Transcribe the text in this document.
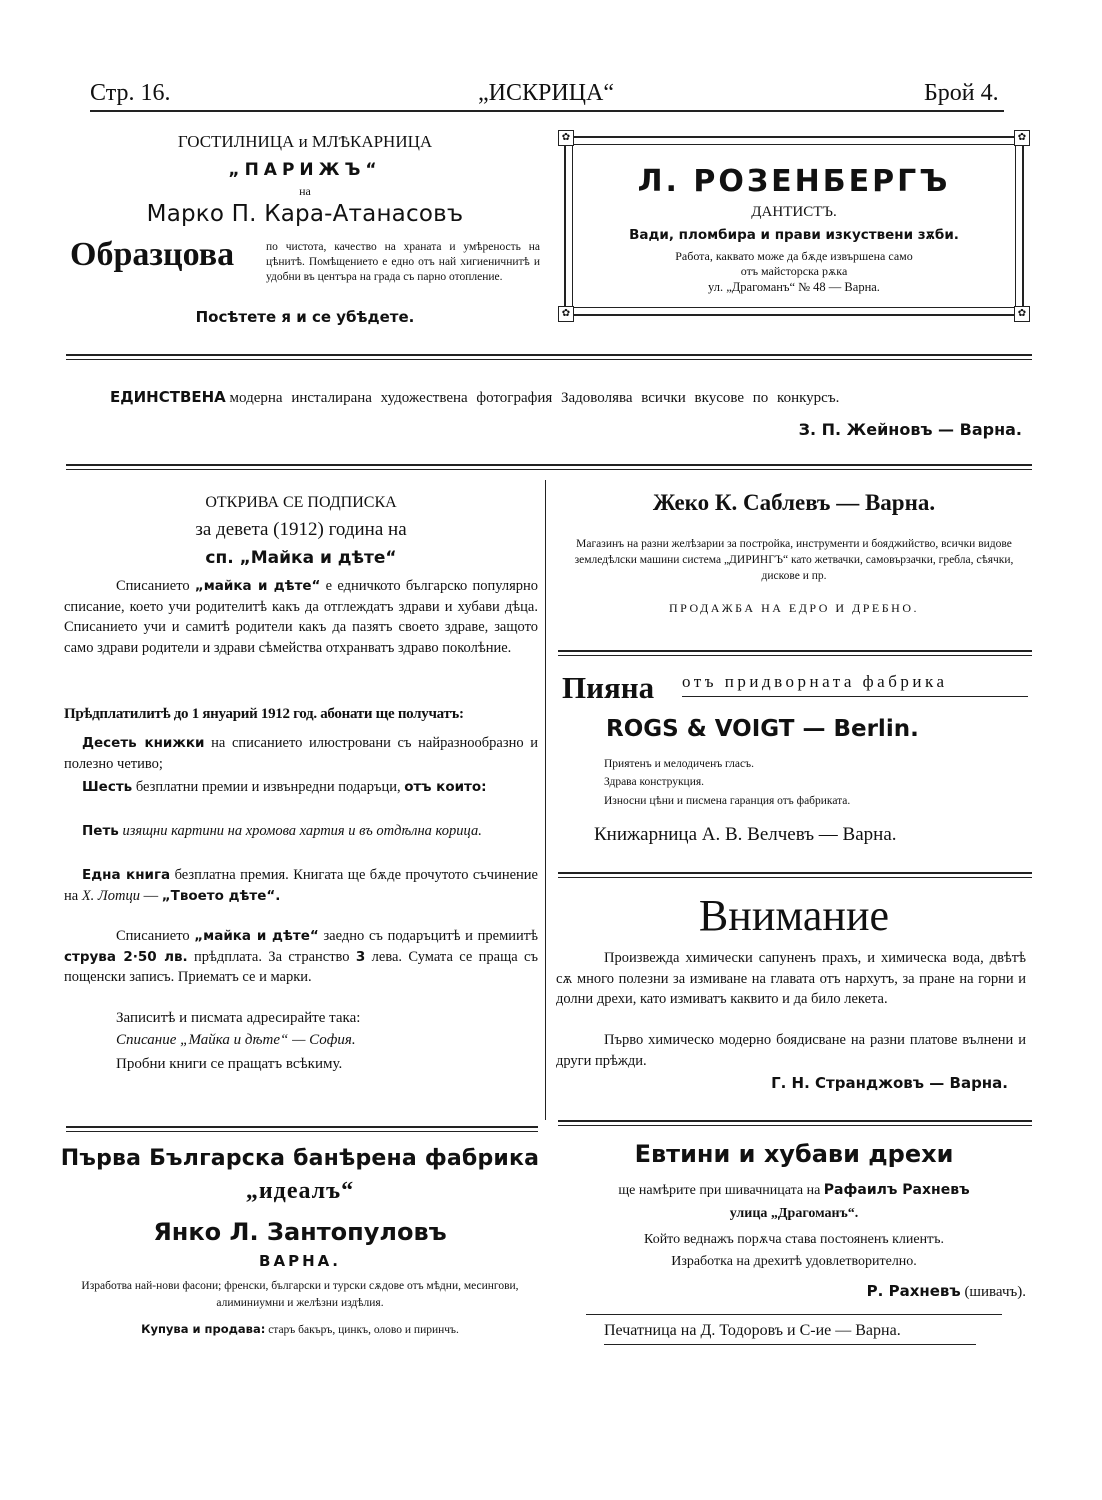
Стр. 16.	„ИСКРИЦА“	Брой 4.
ГОСТИЛНИЦА и МЛѢКАРНИЦА
„ПАРИЖЪ“
на
Марко П. Кара-Атанасовъ
Образцова	по чистота, качество на храната и умѣреность на цѣнитѣ. Помѣщението е едно отъ най хигиеничнитѣ и удобни въ центъра на града съ парно отопление.
Посѣтете я и се убѣдете.
✿	✿
✿	✿
Л. РОЗЕНБЕРГЪ
ДАНТИСТЪ.
Вади, пломбира и прави изкуствени зѫби.
Работа, каквато може да бѫде извършена само
отъ майсторска рѫка
ул. „Драгоманъ“ № 48 — Варна.
ЕДИНСТВЕНА модерна инсталирана художествена фотография Задоволява всички вкусове по конкурсъ.
З. П. Жейновъ — Варна.
ОТКРИВА СЕ ПОДПИСКА
за девета (1912) година на
сп. „Майка и дѣте“

Списанието „майка и дѣте“ е едничкото българско популярно списание, което учи родителитѣ какъ да отглеждатъ здрави и хубави дѣца. Списанието учи и самитѣ родители какъ да пазятъ своето здраве, защото само здрави родители и здрави сѣмейства отхранватъ здраво поколѣние.

Прѣдплатилитѣ до 1 януарий 1912 год. абонати ще получатъ:

Десеть книжки на списанието илюстровани съ найразнообразно и полезно четиво;

Шесть безплатни премии и извънредни подаръци, отъ които:

Петь изящни картини на хромова хартия и въ отдѣлна корица.

Една книга безплатна премия. Книгата ще бѫде прочутото съчинение на Х. Лотци — „Твоето дѣте“.

Списанието „майка и дѣте“ заедно съ подаръцитѣ и премиитѣ струва 2·50 лв. прѣдплата. За странство 3 лева. Сумата се праща съ пощенски записъ. Приематъ се и марки.

Записитѣ и писмата адресирайте така:
Списание „Майка и дѣте“ — София.
Пробни книги се пращатъ всѣкиму.
Жеко К. Саблевъ — Варна.
Магазинъ на разни желѣзарии за постройка, инструменти и бояджийство, всички видове земледѣлски машини система „ДИРИНГЪ“ като жетвачки, самовързачки, гребла, сѣячки, дискове и пр.
ПРОДАЖБА НА ЕДРО И ДРЕБНО.
Пияна отъ придворната фабрика
ROGS & VOIGT — Berlin.
Приятенъ и мелодиченъ гласъ.
Здрава конструкция.
Износни цѣни и писмена гаранция отъ фабриката.
Книжарница А. В. Велчевъ — Варна.
Внимание

Произвежда химически сапуненъ прахъ, и химическа вода, двѣтѣ сѫ много полезни за измиване на главата отъ нархутъ, за пране на горни и долни дрехи, като измиватъ каквито и да било лекета.

Първо химическо модерно боядисване на разни платове вълнени и други прѣжди.

Г. Н. Странджовъ — Варна.
Първа Българска банѣрена фабрика
„идеалъ“
Янко Л. Зантопуловъ
ВАРНА.
Изработва най-нови фасони; френски, български и турски сѫдове отъ мѣдни, месингови, алиминиумни и желѣзни издѣлия.
Купува и продава: старъ бакъръ, цинкъ, олово и пиринчъ.
Евтини и хубави дрехи
ще намѣрите при шивачницата на Рафаилъ Рахневъ
улица „Драгоманъ“.
Който веднажъ порѫча става постояненъ клиентъ.
Изработка на дрехитѣ удовлетворително.
Р. Рахневъ (шивачъ).
Печатница на Д. Тодоровъ и С-ие — Варна.
